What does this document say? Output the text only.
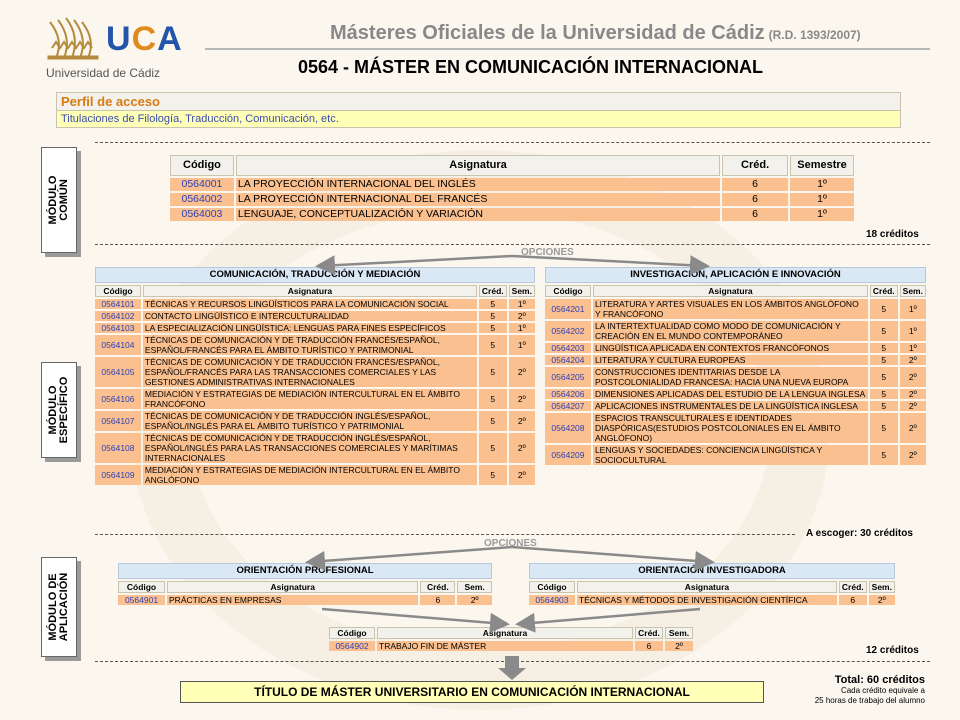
UCA
Universidad de Cádiz
Másteres Oficiales de la Universidad de Cádiz (R.D. 1393/2007)
0564 - MÁSTER EN COMUNICACIÓN INTERNACIONAL
Perfil de acceso
Titulaciones de Filología, Traducción, Comunicación, etc.
MÓDULO COMÚN
MÓDULO ESPECÍFICO
MÓDULO DE APLICACIÓN
Código	Asignatura	Créd.	Semestre
0564001	LA PROYECCIÓN INTERNACIONAL DEL INGLÉS	6	1º
0564002	LA PROYECCIÓN INTERNACIONAL DEL FRANCÉS	6	1º
0564003	LENGUAJE, CONCEPTUALIZACIÓN Y VARIACIÓN	6	1º
18 créditos
OPCIONES
COMUNICACIÓN, TRADUCCIÓN Y MEDIACIÓN
Código	Asignatura	Créd.	Sem.
0564101	TÉCNICAS Y RECURSOS LINGÜÍSTICOS PARA LA COMUNICACIÓN SOCIAL	5	1º
0564102	CONTACTO LINGÜÍSTICO E INTERCULTURALIDAD	5	2º
0564103	LA ESPECIALIZACIÓN LINGÜÍSTICA: LENGUAS PARA FINES ESPECÍFICOS	5	1º
0564104	TÉCNICAS DE COMUNICACIÓN Y DE TRADUCCIÓN FRANCÉS/ESPAÑOL, ESPAÑOL/FRANCÉS PARA EL ÁMBITO TURÍSTICO Y PATRIMONIAL	5	1º
0564105	TÉCNICAS DE COMUNICACIÓN Y DE TRADUCCIÓN FRANCÉS/ESPAÑOL, ESPAÑOL/FRANCÉS PARA LAS TRANSACCIONES COMERCIALES Y LAS GESTIONES ADMINISTRATIVAS INTERNACIONALES	5	2º
0564106	MEDIACIÓN Y ESTRATEGIAS DE MEDIACIÓN INTERCULTURAL EN EL ÁMBITO FRANCÓFONO	5	2º
0564107	TÉCNICAS DE COMUNICACIÓN Y DE TRADUCCIÓN INGLÉS/ESPAÑOL, ESPAÑOL/INGLÉS PARA EL ÁMBITO TURÍSTICO Y PATRIMONIAL	5	2º
0564108	TÉCNICAS DE COMUNICACIÓN Y DE TRADUCCIÓN INGLÉS/ESPAÑOL, ESPAÑOL/INGLÉS PARA LAS TRANSACCIONES COMERCIALES Y MARÍTIMAS INTERNACIONALES	5	2º
0564109	MEDIACIÓN Y ESTRATEGIAS DE MEDIACIÓN INTERCULTURAL EN EL ÁMBITO ANGLÓFONO	5	2º
INVESTIGACIÓN, APLICACIÓN E INNOVACIÓN
Código	Asignatura	Créd.	Sem.
0564201	LITERATURA Y ARTES VISUALES EN LOS ÁMBITOS ANGLÓFONO Y FRANCÓFONO	5	1º
0564202	LA INTERTEXTUALIDAD COMO MODO DE COMUNICACIÓN Y CREACIÓN EN EL MUNDO CONTEMPORÁNEO	5	1º
0564203	LINGÜÍSTICA APLICADA EN CONTEXTOS FRANCÓFONOS	5	1º
0564204	LITERATURA Y CULTURA EUROPEAS	5	2º
0564205	CONSTRUCCIONES IDENTITARIAS DESDE LA POSTCOLONIALIDAD FRANCESA: HACIA UNA NUEVA EUROPA	5	2º
0564206	DIMENSIONES APLICADAS DEL ESTUDIO DE LA LENGUA INGLESA	5	2º
0564207	APLICACIONES INSTRUMENTALES DE LA LINGÜÍSTICA INGLESA	5	2º
0564208	ESPACIOS TRANSCULTURALES E IDENTIDADES DIASPÓRICAS(ESTUDIOS POSTCOLONIALES EN EL ÁMBITO ANGLÓFONO)	5	2º
0564209	LENGUAS Y SOCIEDADES: CONCIENCIA LINGÜÍSTICA Y SOCIOCULTURAL	5	2º
A escoger: 30 créditos
OPCIONES
ORIENTACIÓN PROFESIONAL
Código	Asignatura	Créd.	Sem.
0564901	PRÁCTICAS EN EMPRESAS	6	2º
ORIENTACIÓN INVESTIGADORA
Código	Asignatura	Créd.	Sem.
0564903	TÉCNICAS Y MÉTODOS DE INVESTIGACIÓN CIENTÍFICA	6	2º
Código	Asignatura	Créd.	Sem.
0564902	TRABAJO FIN DE MÁSTER	6	2º	12 créditos
TÍTULO DE MÁSTER UNIVERSITARIO EN COMUNICACIÓN INTERNACIONAL
Total: 60 créditos
Cada crédito equivale a
25 horas de trabajo del alumno
